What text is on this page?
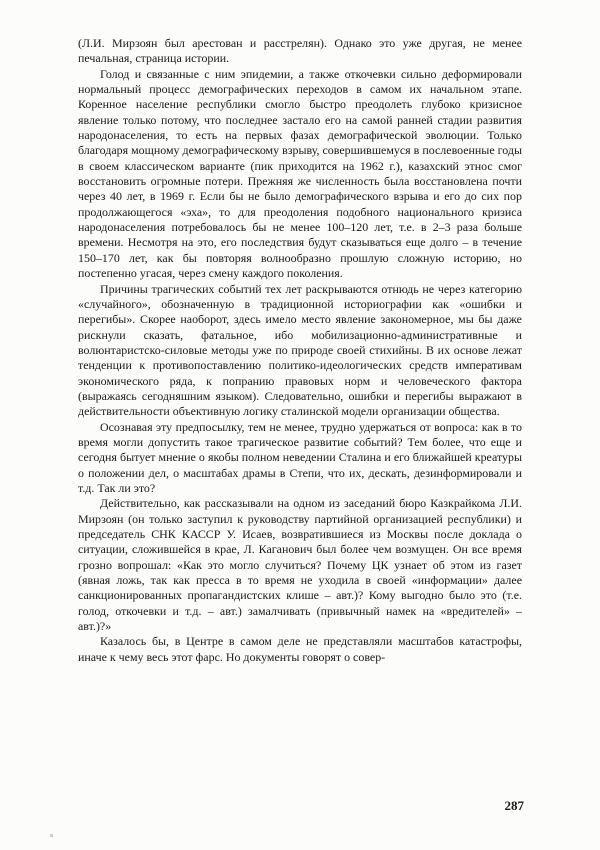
(Л.И. Мирзоян был арестован и расстрелян). Однако это уже другая, не менее печальная, страница истории.

Голод и связанные с ним эпидемии, а также откочевки сильно деформировали нормальный процесс демографических переходов в самом их начальном этапе. Коренное население республики смогло быстро преодолеть глубоко кризисное явление только потому, что последнее застало его на самой ранней стадии развития народонаселения, то есть на первых фазах демографической эволюции. Только благодаря мощному демографическому взрыву, совершившемуся в послевоенные годы в своем классическом варианте (пик приходится на 1962 г.), казахский этнос смог восстановить огромные потери. Прежняя же численность была восстановлена почти через 40 лет, в 1969 г. Если бы не было демографического взрыва и его до сих пор продолжающегося «эха», то для преодоления подобного национального кризиса народонаселения потребовалось бы не менее 100–120 лет, т.е. в 2–3 раза больше времени. Несмотря на это, его последствия будут сказываться еще долго – в течение 150–170 лет, как бы повторяя волнообразно прошлую сложную историю, но постепенно угасая, через смену каждого поколения.

Причины трагических событий тех лет раскрываются отнюдь не через категорию «случайного», обозначенную в традиционной историографии как «ошибки и перегибы». Скорее наоборот, здесь имело место явление закономерное, мы бы даже рискнули сказать, фатальное, ибо мобилизационно-административные и волюнтаристско-силовые методы уже по природе своей стихийны. В их основе лежат тенденции к противопоставлению политико-идеологических средств императивам экономического ряда, к попранию правовых норм и человеческого фактора (выражаясь сегодняшним языком). Следовательно, ошибки и перегибы выражают в действительности объективную логику сталинской модели организации общества.

Осознавая эту предпосылку, тем не менее, трудно удержаться от вопроса: как в то время могли допустить такое трагическое развитие событий? Тем более, что еще и сегодня бытует мнение о якобы полном неведении Сталина и его ближайшей креатуры о положении дел, о масштабах драмы в Степи, что их, дескать, дезинформировали и т.д. Так ли это?

Действительно, как рассказывали на одном из заседаний бюро Казкрайкома Л.И. Мирзоян (он только заступил к руководству партийной организацией республики) и председатель СНК КАССР У. Исаев, возвратившиеся из Москвы после доклада о ситуации, сложившейся в крае, Л. Каганович был более чем возмущен. Он все время грозно вопрошал: «Как это могло случиться? Почему ЦК узнает об этом из газет (явная ложь, так как пресса в то время не уходила в своей «информации» далее санкционированных пропагандистских клише – авт.)? Кому выгодно было это (т.е. голод, откочевки и т.д. – авт.) замалчивать (привычный намек на «вредителей» – авт.)?»

Казалось бы, в Центре в самом деле не представляли масштабов катастрофы, иначе к чему весь этот фарс. Но документы говорят о совер-

287
